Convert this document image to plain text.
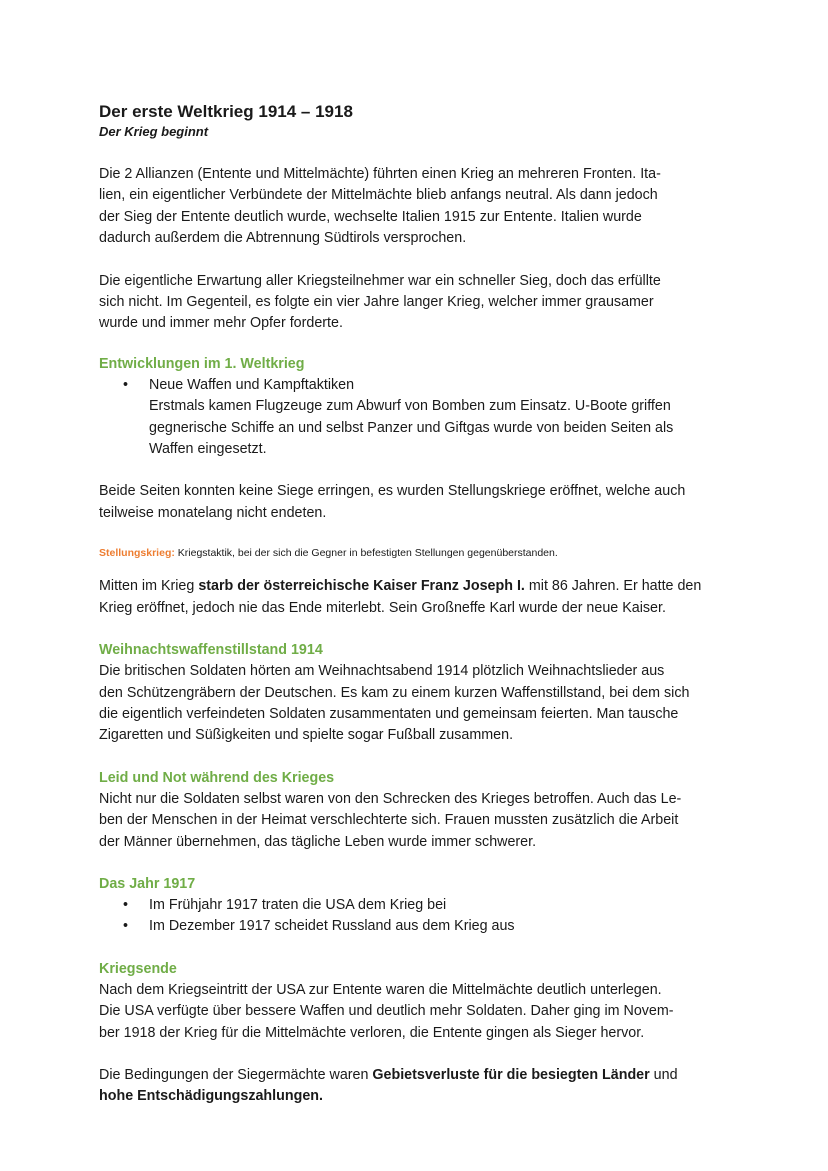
Der erste Weltkrieg 1914 – 1918

Der Krieg beginnt

Die 2 Allianzen (Entente und Mittelmächte) führten einen Krieg an mehreren Fronten. Ita-

lien, ein eigentlicher Verbündete der Mittelmächte blieb anfangs neutral. Als dann jedoch

der Sieg der Entente deutlich wurde, wechselte Italien 1915 zur Entente. Italien wurde

dadurch außerdem die Abtrennung Südtirols versprochen.

Die eigentliche Erwartung aller Kriegsteilnehmer war ein schneller Sieg, doch das erfüllte

sich nicht. Im Gegenteil, es folgte ein vier Jahre langer Krieg, welcher immer grausamer

wurde und immer mehr Opfer forderte.

Entwicklungen im 1. Weltkrieg

• Neue Waffen und Kampftaktiken
Erstmals kamen Flugzeuge zum Abwurf von Bomben zum Einsatz. U-Boote griffen
gegnerische Schiffe an und selbst Panzer und Giftgas wurde von beiden Seiten als
Waffen eingesetzt.

Beide Seiten konnten keine Siege erringen, es wurden Stellungskriege eröffnet, welche auch

teilweise monatelang nicht endeten.

Stellungskrieg: Kriegstaktik, bei der sich die Gegner in befestigten Stellungen gegenüberstanden.

Mitten im Krieg starb der österreichische Kaiser Franz Joseph I. mit 86 Jahren. Er hatte den

Krieg eröffnet, jedoch nie das Ende miterlebt. Sein Großneffe Karl wurde der neue Kaiser.

Weihnachtswaffenstillstand 1914

Die britischen Soldaten hörten am Weihnachtsabend 1914 plötzlich Weihnachtslieder aus

den Schützengräbern der Deutschen. Es kam zu einem kurzen Waffenstillstand, bei dem sich

die eigentlich verfeindeten Soldaten zusammentaten und gemeinsam feierten. Man tausche

Zigaretten und Süßigkeiten und spielte sogar Fußball zusammen.

Leid und Not während des Krieges

Nicht nur die Soldaten selbst waren von den Schrecken des Krieges betroffen. Auch das Le-

ben der Menschen in der Heimat verschlechterte sich. Frauen mussten zusätzlich die Arbeit

der Männer übernehmen, das tägliche Leben wurde immer schwerer.

Das Jahr 1917

• Im Frühjahr 1917 traten die USA dem Krieg bei
• Im Dezember 1917 scheidet Russland aus dem Krieg aus

Kriegsende

Nach dem Kriegseintritt der USA zur Entente waren die Mittelmächte deutlich unterlegen.

Die USA verfügte über bessere Waffen und deutlich mehr Soldaten. Daher ging im Novem-

ber 1918 der Krieg für die Mittelmächte verloren, die Entente gingen als Sieger hervor.

Die Bedingungen der Siegermächte waren Gebietsverluste für die besiegten Länder und

hohe Entschädigungszahlungen.
